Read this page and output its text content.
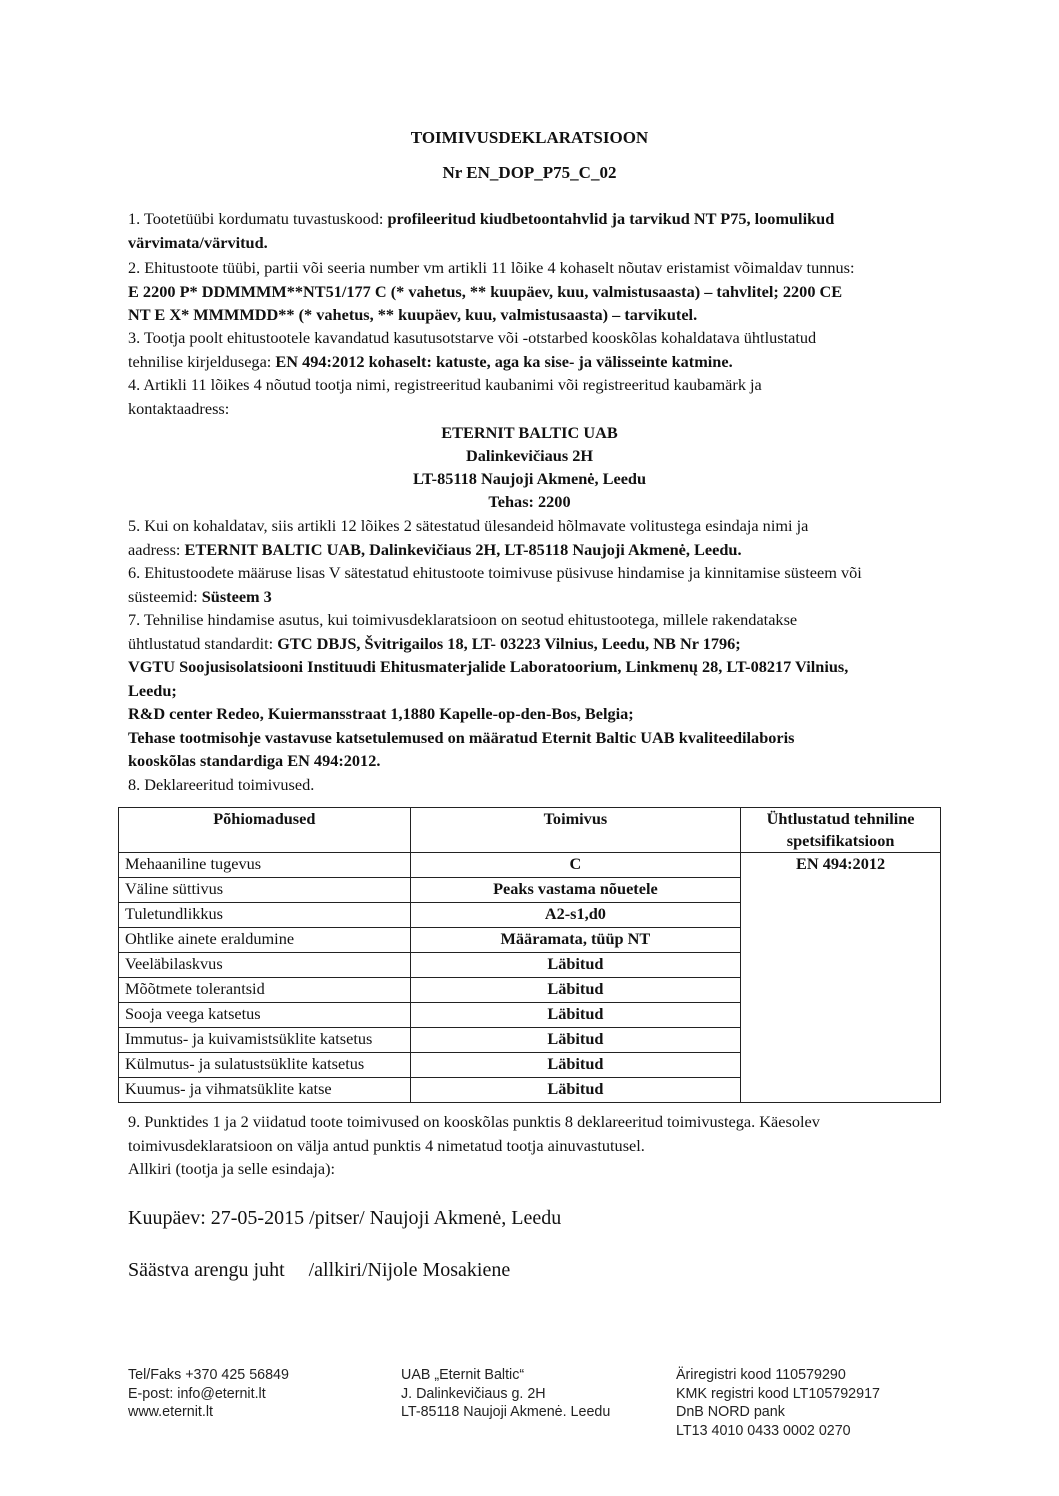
TOIMIVUSDEKLARATSIOON
Nr EN_DOP_P75_C_02
1. Tootetüübi kordumatu tuvastuskood: profileeritud kiudbetoontahvlid ja tarvikud NT P75, loomulikud
värvimata/värvitud.
2. Ehitustoote tüübi, partii või seeria number vm artikli 11 lõike 4 kohaselt nõutav eristamist võimaldav tunnus:
E 2200 P* DDMMMM**NT51/177 C (* vahetus, ** kuupäev, kuu, valmistusaasta) – tahvlitel; 2200 CE
NT E X* MMMMDD** (* vahetus, ** kuupäev, kuu, valmistusaasta) – tarvikutel.
3. Tootja poolt ehitustootele kavandatud kasutusotstarve või -otstarbed kooskõlas kohaldatava ühtlustatud
tehnilise kirjeldusega: EN 494:2012 kohaselt: katuste, aga ka sise- ja välisseinte katmine.
4. Artikli 11 lõikes 4 nõutud tootja nimi, registreeritud kaubanimi või registreeritud kaubamärk ja
kontaktaadress:
ETERNIT BALTIC UAB
Dalinkevičiaus 2H
LT-85118 Naujoji Akmenė, Leedu
Tehas: 2200
5. Kui on kohaldatav, siis artikli 12 lõikes 2 sätestatud ülesandeid hõlmavate volitustega esindaja nimi ja
aadress: ETERNIT BALTIC UAB, Dalinkevičiaus 2H, LT-85118 Naujoji Akmenė, Leedu.
6. Ehitustoodete määruse lisas V sätestatud ehitustoote toimivuse püsivuse hindamise ja kinnitamise süsteem või
süsteemid: Süsteem 3
7. Tehnilise hindamise asutus, kui toimivusdeklaratsioon on seotud ehitustootega, millele rakendatakse
ühtlustatud standardit: GTC DBJS, Švitrigailos 18, LT- 03223 Vilnius, Leedu, NB Nr 1796;
VGTU Soojusisolatsiooni Instituudi Ehitusmaterjalide Laboratoorium, Linkmenų 28, LT-08217 Vilnius,
Leedu;
R&D center Redeo, Kuiermansstraat 1,1880 Kapelle-op-den-Bos, Belgia;
Tehase tootmisohje vastavuse katsetulemused on määratud Eternit Baltic UAB kvaliteedilaboris
kooskõlas standardiga EN 494:2012.
8. Deklareeritud toimivused.
Põhiomadused	Toimivus	Ühtlustatud tehniline spetsifikatsioon
Mehaaniline tugevus	C	EN 494:2012
Väline süttivus	Peaks vastama nõuetele	
Tuletundlikkus	A2-s1,d0	
Ohtlike ainete eraldumine	Määramata, tüüp NT	
Veeläbilaskvus	Läbitud	
Mõõtmete tolerantsid	Läbitud	
Sooja veega katsetus	Läbitud	
Immutus- ja kuivamistsüklite katsetus	Läbitud	
Külmutus- ja sulatustsüklite katsetus	Läbitud	
Kuumus- ja vihmatsüklite katse	Läbitud	
9. Punktides 1 ja 2 viidatud toote toimivused on kooskõlas punktis 8 deklareeritud toimivustega. Käesolev
toimivusdeklaratsioon on välja antud punktis 4 nimetatud tootja ainuvastutusel.
Allkiri (tootja ja selle esindaja):
Kuupäev: 27-05-2015 /pitser/ Naujoji Akmenė, Leedu
Säästva arengu juht /allkiri/Nijole Mosakiene
Tel/Faks +370 425 56849
E-post: info@eternit.lt
www.eternit.lt
UAB „Eternit Baltic“
J. Dalinkevičiaus g. 2H
LT-85118 Naujoji Akmenė. Leedu
Äriregistri kood 110579290
KMK registri kood LT105792917
DnB NORD pank
LT13 4010 0433 0002 0270
